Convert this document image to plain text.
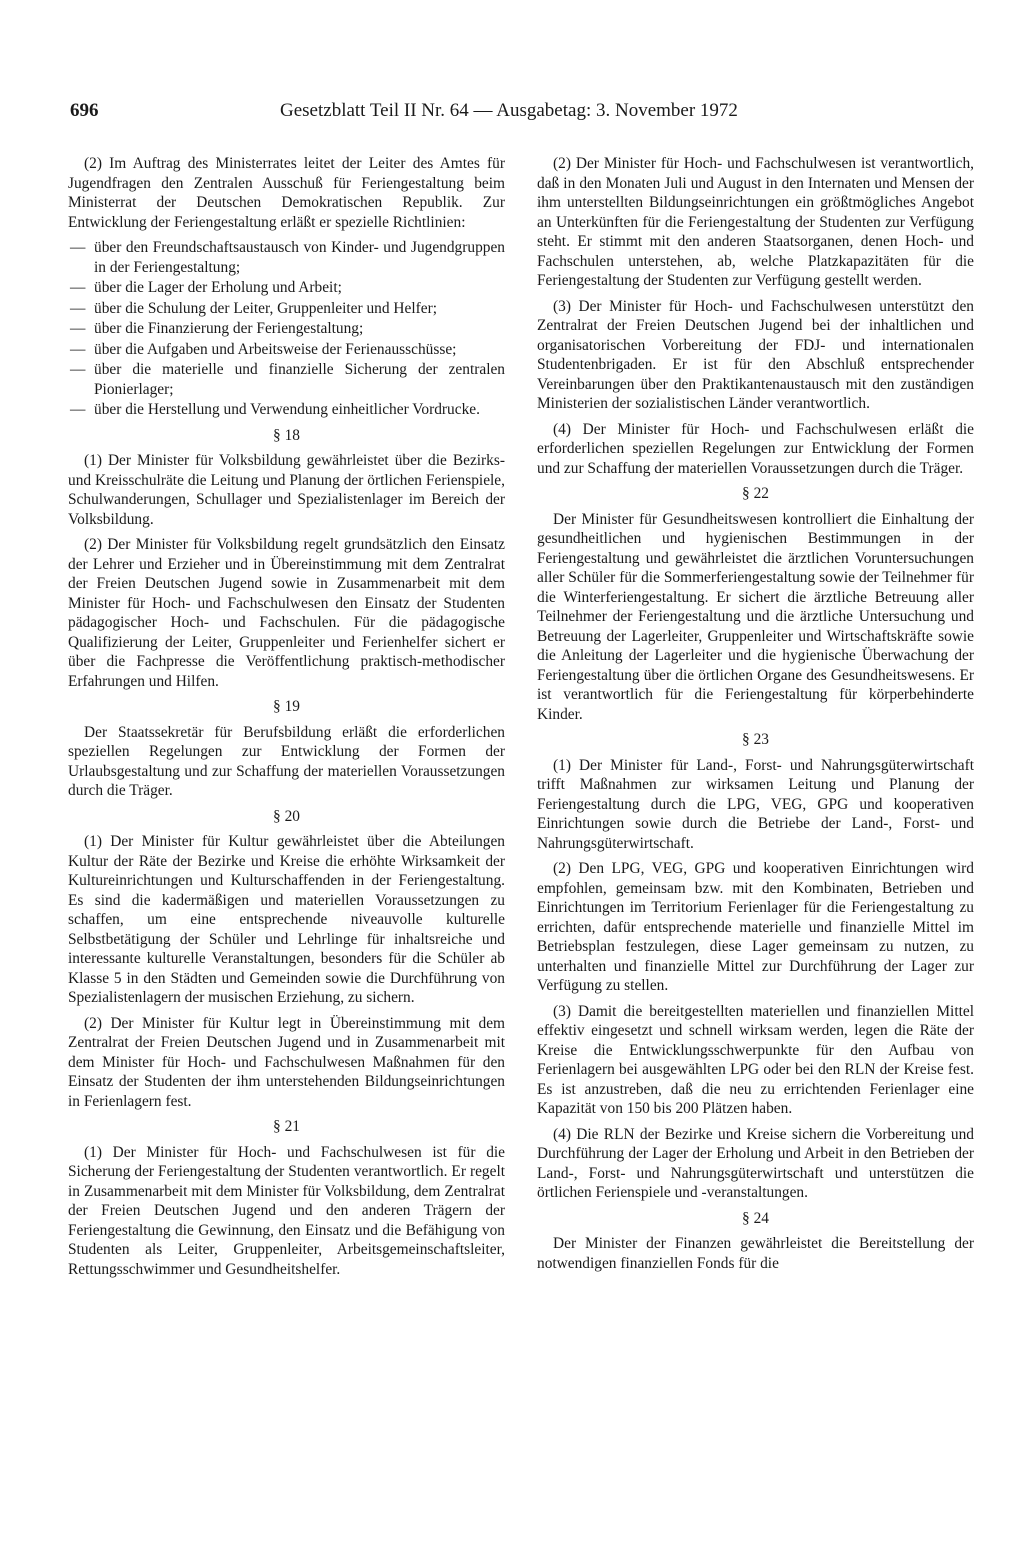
696	Gesetzblatt Teil II Nr. 64 — Ausgabetag: 3. November 1972

(2) Im Auftrag des Ministerrates leitet der Leiter des Amtes für Jugendfragen den Zentralen Ausschuß für Feriengestaltung beim Ministerrat der Deutschen Demokratischen Republik. Zur Entwicklung der Feriengestaltung erläßt er spezielle Richtlinien:

— über den Freundschaftsaustausch von Kinder- und Jugendgruppen in der Feriengestaltung;
— über die Lager der Erholung und Arbeit;
— über die Schulung der Leiter, Gruppenleiter und Helfer;
— über die Finanzierung der Feriengestaltung;
— über die Aufgaben und Arbeitsweise der Ferienausschüsse;
— über die materielle und finanzielle Sicherung der zentralen Pionierlager;
— über die Herstellung und Verwendung einheitlicher Vordrucke.
§ 18

(1) Der Minister für Volksbildung gewährleistet über die Bezirks- und Kreisschulräte die Leitung und Planung der örtlichen Ferienspiele, Schulwanderungen, Schullager und Spezialistenlager im Bereich der Volksbildung.

(2) Der Minister für Volksbildung regelt grundsätzlich den Einsatz der Lehrer und Erzieher und in Übereinstimmung mit dem Zentralrat der Freien Deutschen Jugend sowie in Zusammenarbeit mit dem Minister für Hoch- und Fachschulwesen den Einsatz der Studenten pädagogischer Hoch- und Fachschulen. Für die pädagogische Qualifizierung der Leiter, Gruppenleiter und Ferienhelfer sichert er über die Fachpresse die Veröffentlichung praktisch-methodischer Erfahrungen und Hilfen.

§ 19

Der Staatssekretär für Berufsbildung erläßt die erforderlichen speziellen Regelungen zur Entwicklung der Formen der Urlaubsgestaltung und zur Schaffung der materiellen Voraussetzungen durch die Träger.

§ 20

(1) Der Minister für Kultur gewährleistet über die Abteilungen Kultur der Räte der Bezirke und Kreise die erhöhte Wirksamkeit der Kultureinrichtungen und Kulturschaffenden in der Feriengestaltung. Es sind die kadermäßigen und materiellen Voraussetzungen zu schaffen, um eine entsprechende niveauvolle kulturelle Selbstbetätigung der Schüler und Lehrlinge für inhaltsreiche und interessante kulturelle Veranstaltungen, besonders für die Schüler ab Klasse 5 in den Städten und Gemeinden sowie die Durchführung von Spezialistenlagern der musischen Erziehung, zu sichern.

(2) Der Minister für Kultur legt in Übereinstimmung mit dem Zentralrat der Freien Deutschen Jugend und in Zusammenarbeit mit dem Minister für Hoch- und Fachschulwesen Maßnahmen für den Einsatz der Studenten der ihm unterstehenden Bildungseinrichtungen in Ferienlagern fest.

§ 21

(1) Der Minister für Hoch- und Fachschulwesen ist für die Sicherung der Feriengestaltung der Studenten verantwortlich. Er regelt in Zusammenarbeit mit dem Minister für Volksbildung, dem Zentralrat der Freien Deutschen Jugend und den anderen Trägern der Feriengestaltung die Gewinnung, den Einsatz und die Befähigung von Studenten als Leiter, Gruppenleiter, Arbeitsgemeinschaftsleiter, Rettungsschwimmer und Gesundheitshelfer.

(2) Der Minister für Hoch- und Fachschulwesen ist verantwortlich, daß in den Monaten Juli und August in den Internaten und Mensen der ihm unterstellten Bildungseinrichtungen ein größtmögliches Angebot an Unterkünften für die Feriengestaltung der Studenten zur Verfügung steht. Er stimmt mit den anderen Staatsorganen, denen Hoch- und Fachschulen unterstehen, ab, welche Platzkapazitäten für die Feriengestaltung der Studenten zur Verfügung gestellt werden.

(3) Der Minister für Hoch- und Fachschulwesen unterstützt den Zentralrat der Freien Deutschen Jugend bei der inhaltlichen und organisatorischen Vorbereitung der FDJ- und internationalen Studentenbrigaden. Er ist für den Abschluß entsprechender Vereinbarungen über den Praktikantenaustausch mit den zuständigen Ministerien der sozialistischen Länder verantwortlich.

(4) Der Minister für Hoch- und Fachschulwesen erläßt die erforderlichen speziellen Regelungen zur Entwicklung der Formen und zur Schaffung der materiellen Voraussetzungen durch die Träger.

§ 22

Der Minister für Gesundheitswesen kontrolliert die Einhaltung der gesundheitlichen und hygienischen Bestimmungen in der Feriengestaltung und gewährleistet die ärztlichen Voruntersuchungen aller Schüler für die Sommerferiengestaltung sowie der Teilnehmer für die Winterferiengestaltung. Er sichert die ärztliche Betreuung aller Teilnehmer der Feriengestaltung und die ärztliche Untersuchung und Betreuung der Lagerleiter, Gruppenleiter und Wirtschaftskräfte sowie die Anleitung der Lagerleiter und die hygienische Überwachung der Feriengestaltung über die örtlichen Organe des Gesundheitswesens. Er ist verantwortlich für die Feriengestaltung für körperbehinderte Kinder.

§ 23

(1) Der Minister für Land-, Forst- und Nahrungsgüterwirtschaft trifft Maßnahmen zur wirksamen Leitung und Planung der Feriengestaltung durch die LPG, VEG, GPG und kooperativen Einrichtungen sowie durch die Betriebe der Land-, Forst- und Nahrungsgüterwirtschaft.

(2) Den LPG, VEG, GPG und kooperativen Einrichtungen wird empfohlen, gemeinsam bzw. mit den Kombinaten, Betrieben und Einrichtungen im Territorium Ferienlager für die Feriengestaltung zu errichten, dafür entsprechende materielle und finanzielle Mittel im Betriebsplan festzulegen, diese Lager gemeinsam zu nutzen, zu unterhalten und finanzielle Mittel zur Durchführung der Lager zur Verfügung zu stellen.

(3) Damit die bereitgestellten materiellen und finanziellen Mittel effektiv eingesetzt und schnell wirksam werden, legen die Räte der Kreise die Entwicklungsschwerpunkte für den Aufbau von Ferienlagern bei ausgewählten LPG oder bei den RLN der Kreise fest. Es ist anzustreben, daß die neu zu errichtenden Ferienlager eine Kapazität von 150 bis 200 Plätzen haben.

(4) Die RLN der Bezirke und Kreise sichern die Vorbereitung und Durchführung der Lager der Erholung und Arbeit in den Betrieben der Land-, Forst- und Nahrungsgüterwirtschaft und unterstützen die örtlichen Ferienspiele und -veranstaltungen.

§ 24

Der Minister der Finanzen gewährleistet die Bereitstellung der notwendigen finanziellen Fonds für die
